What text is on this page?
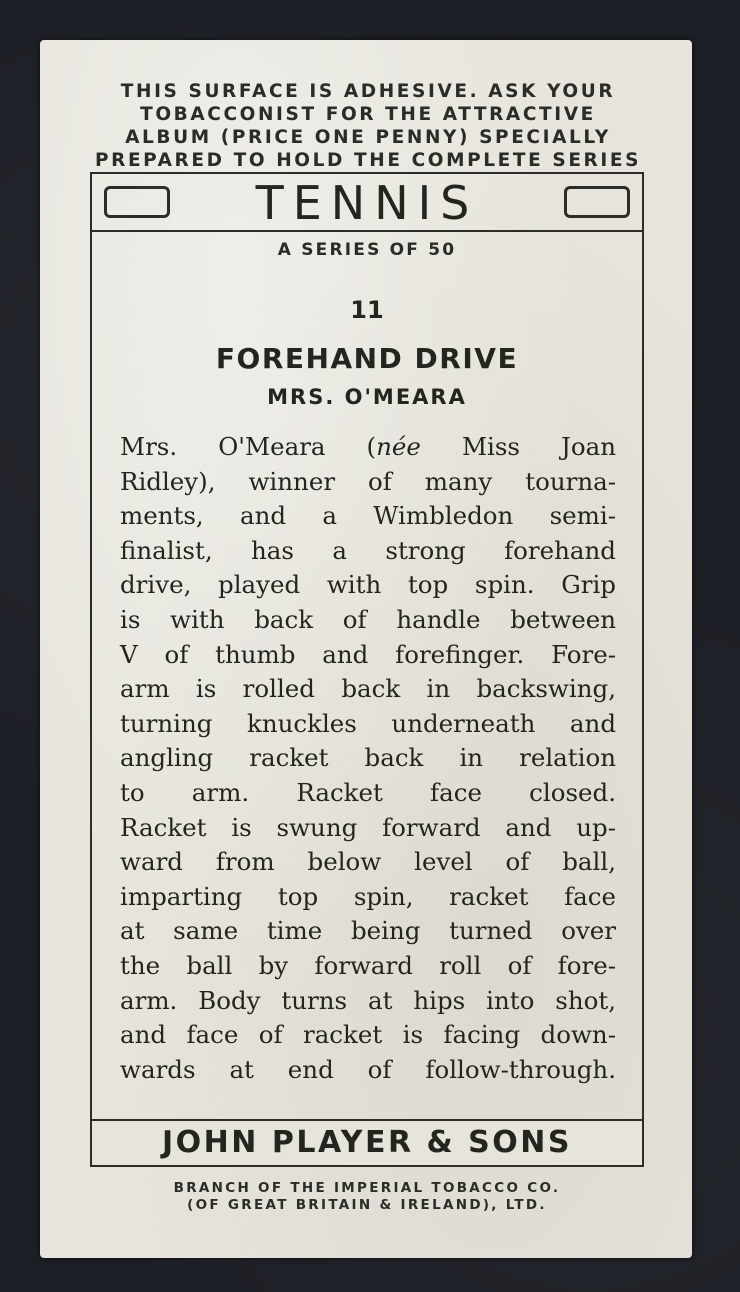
THIS SURFACE IS ADHESIVE. ASK YOUR
TOBACCONIST FOR THE ATTRACTIVE
ALBUM (PRICE ONE PENNY) SPECIALLY
PREPARED TO HOLD THE COMPLETE SERIES
TENNIS
A SERIES OF 50
11
FOREHAND DRIVE
MRS. O'MEARA
Mrs. O'Meara (née Miss Joan
Ridley), winner of many tourna-
ments, and a Wimbledon semi-
finalist, has a strong forehand
drive, played with top spin. Grip
is with back of handle between
V of thumb and forefinger. Fore-
arm is rolled back in backswing,
turning knuckles underneath and
angling racket back in relation
to arm. Racket face closed.
Racket is swung forward and up-
ward from below level of ball,
imparting top spin, racket face
at same time being turned over
the ball by forward roll of fore-
arm. Body turns at hips into shot,
and face of racket is facing down-
wards at end of follow-through.
JOHN PLAYER & SONS
BRANCH OF THE IMPERIAL TOBACCO CO.
(OF GREAT BRITAIN & IRELAND), LTD.
